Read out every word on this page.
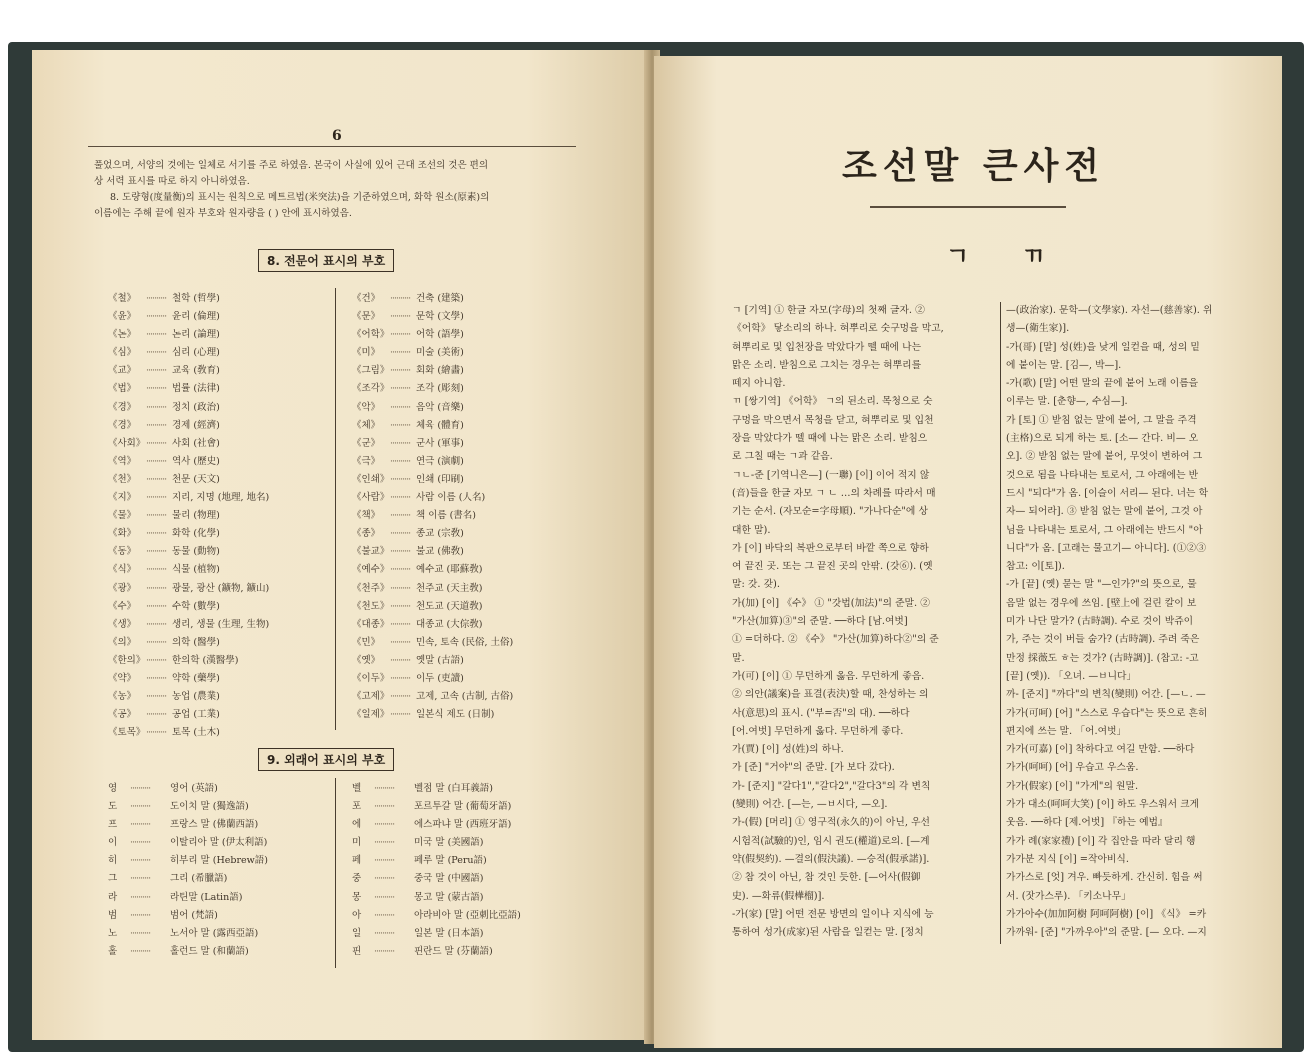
6
풀었으며, 서양의 것에는 일체로 서기를 주로 하였음. 본국이 사실에 있어 근대 조선의 것은 편의
상 서력 표시를 따로 하지 아니하였음.
8. 도량형(度量衡)의 표시는 원칙으로 메트르법(米突法)을 기준하였으며, 화학 원소(原素)의
이름에는 주해 끝에 원자 부호와 원자량을 ( ) 안에 표시하였음.
8. 전문어 표시의 부호
《철》	·········· 철학 (哲學)
《윤》	·········· 윤리 (倫理)
《논》	·········· 논리 (論理)
《심》	·········· 심리 (心理)
《교》	·········· 교육 (敎育)
《법》	·········· 법률 (法律)
《경》	·········· 정치 (政治)
《경》	·········· 경제 (經濟)
《사회》 ·········· 사회 (社會)
《역》	·········· 역사 (歷史)
《천》	·········· 천문 (天文)
《지》	·········· 지리, 지명 (地理, 地名)
《물》	·········· 물리 (物理)
《화》	·········· 화학 (化學)
《동》	·········· 동물 (動物)
《식》	·········· 식물 (植物)
《광》	·········· 광물, 광산 (鑛物, 鑛山)
《수》	·········· 수학 (數學)
《생》	·········· 생리, 생물 (生理, 生物)
《의》	·········· 의학 (醫學)
《한의》 ·········· 한의학 (漢醫學)
《약》	·········· 약학 (藥學)
《농》	·········· 농업 (農業)
《공》	·········· 공업 (工業)
《토목》 ·········· 토목 (土木)
《건》	·········· 건축 (建築)
《문》	·········· 문학 (文學)
《어학》 ·········· 어학 (語學)
《미》	·········· 미술 (美術)
《그림》 ·········· 회화 (繪畵)
《조각》 ·········· 조각 (彫刻)
《악》	·········· 음악 (音樂)
《체》	·········· 체육 (體育)
《군》	·········· 군사 (軍事)
《극》	·········· 연극 (演劇)
《인쇄》 ·········· 인쇄 (印刷)
《사람》 ·········· 사람 이름 (人名)
《책》	·········· 책 이름 (書名)
《종》	·········· 종교 (宗敎)
《불교》 ·········· 불교 (佛敎)
《예수》 ·········· 예수교 (耶蘇敎)
《천주》 ·········· 천주교 (天主敎)
《천도》 ·········· 천도교 (天道敎)
《대종》 ·········· 대종교 (大倧敎)
《민》	·········· 민속, 토속 (民俗, 土俗)
《옛》	·········· 옛말 (古語)
《이두》 ·········· 이두 (吏讀)
《고제》 ·········· 고제, 고속 (古制, 古俗)
《일제》 ·········· 일본식 제도 (日制)
9. 외래어 표시의 부호
영	··········	영어 (英語)
도	··········	도이치 말 (獨逸語)
프	··········	프랑스 말 (佛蘭西語)
이	··········	이탈리아 말 (伊太利語)
히	··········	히부리 말 (Hebrew語)
그	··········	그리 (希臘語)
라	··········	라틴말 (Latin語)
범	··········	범어 (梵語)
노	··········	노서아 말 (露西亞語)
홀	··········	홀런드 말 (和蘭語)
벨	··········	벨점 말 (白耳義語)
포	··········	포르투갈 말 (葡萄牙語)
에	··········	에스파냐 말 (西班牙語)
미	··········	미국 말 (美國語)
페	··········	페루 말 (Peru語)
중	··········	중국 말 (中國語)
몽	··········	몽고 말 (蒙古語)
아	··········	아라비아 말 (亞刺比亞語)
일	··········	일본 말 (日本語)
핀	··········	핀란드 말 (芬蘭語)
조선말 큰사전
ㄱ ㄲ

ㄱ [기역] ① 한글 자모(字母)의 첫째 글자. ②

《어학》 닿소리의 하나. 혀뿌리로 숫구멍을 막고,

혀뿌리로 및 입천장을 막았다가 뗄 때에 나는

맑은 소리. 받침으로 그치는 경우는 혀뿌리를

떼지 아니함.

ㄲ [쌍기역] 《어학》 ㄱ의 된소리. 목청으로 숫

구멍을 막으면서 목청을 닫고, 혀뿌리로 및 입천

장을 막았다가 뗄 때에 나는 맑은 소리. 받침으

로 그칠 때는 ㄱ과 같음.

ㄱㄴ-준 [기역니은—] (一聯) [이] 이어 적지 않

(音)들을 한글 자모 ㄱ ㄴ …의 차례를 따라서 매

기는 순서. (자모순=字母順). "가나다순"에 상

대한 말).

가 [이] 바닥의 복판으로부터 바깥 쪽으로 향하

여 끝진 곳. 또는 그 끝진 곳의 안팎. (갓⑥). (옛

말: 갓. 갖).

가(加) [이] 《수》 ① "갓법(加法)"의 준말. ②

"가산(加算)③"의 준말. ──하다 [남.여벗]

① =더하다. ② 《수》 "가산(加算)하다②"의 준

말.

가(可) [이] ① 무던하게 옳음. 무던하게 좋음.

② 의안(議案)을 표결(表決)할 때, 찬성하는 의

사(意思)의 표시. ("부=否"의 대). ──하다

[어.여벗] 무던하게 옳다. 무던하게 좋다.

가(賈) [이] 성(姓)의 하나.

가 [준] "거야"의 준말. [가 보다 갔다).

가- [준지] "갈다1","갈다2","갈다3"의 각 변칙

(變則) 어간. [—는, —ㅂ시다, —오].

가-(假) [머리] ① 영구적(永久的)이 아닌, 우선

시험적(試驗的)인, 임시 권도(權道)로의. [—계

약(假契約). —결의(假決議). —승적(假承諾)].

② 참 것이 아닌, 참 것인 듯한. [—어사(假御

史). —화류(假樺榴)].

-가(家) [말] 어떤 전문 방면의 일이나 지식에 능

통하여 성가(成家)된 사람을 일컫는 말. [정치

—(政治家). 문학—(文學家). 자선—(慈善家). 위

생—(衛生家)].

-가(哥) [말] 성(姓)을 낮게 일컫을 때, 성의 밑

에 붙이는 말. [김—, 박—].

-가(歌) [말] 어떤 말의 끝에 붙어 노래 이름을

이루는 말. [춘향—, 수심—].

가 [토] ① 받침 없는 말에 붙어, 그 말을 주격

(主格)으로 되게 하는 토. [소— 간다. 비— 오

오]. ② 받침 없는 말에 붙어, 무엇이 변하여 그

것으로 됨을 나타내는 토로서, 그 아래에는 반

드시 "되다"가 옴. [이슬이 서리— 된다. 너는 학

자— 되어라]. ③ 받침 없는 말에 붙어, 그것 아

님을 나타내는 토로서, 그 아래에는 반드시 "아

니다"가 옴. [고래는 물고기— 아니다]. (①②③

참고: 이[토]).

-가 [끝] (옛) 묻는 말 "—인가?"의 뜻으로, 물

음말 없는 경우에 쓰임. [壁上에 걸린 칼이 보

미가 나단 말가? (古時調). 수로 것이 박쥬이

가, 주는 것이 버들 숨가? (古時調). 주려 죽은

만정 採薇도 ㅎ는 것가? (古時調)]. (참고: -고

[끝] (옛)). 「오녀. —ㅂ니다」

까- [준지] "까다"의 변칙(變則) 어간. [—ㄴ. —

가가(可呵) [어] "스스로 우습다"는 뜻으로 흔히

편지에 쓰는 말. 「어.여벗」

가가(可嘉) [이] 착하다고 여길 만함. ──하다

가가(呵呵) [어] 우습고 우스움.

가가(假家) [이] "가게"의 원말.

가가 대소(呵呵大笑) [이] 하도 우스워서 크게

웃음. ──하다 [제.어벗] 『하는 예법』

가가 례(家家禮) [이] 각 집안을 따라 달리 행

가가분 지식 [이] =작아비식.

가가스로 [엇] 겨우. 빠듯하게. 간신히. 힘을 써

서. (잣가스루). 「키소나무」

가가아수(加加阿樹 阿呵阿樹) [이] 《식》 =카

가까워- [준] "가까우아"의 준말. [— 오다. —지
